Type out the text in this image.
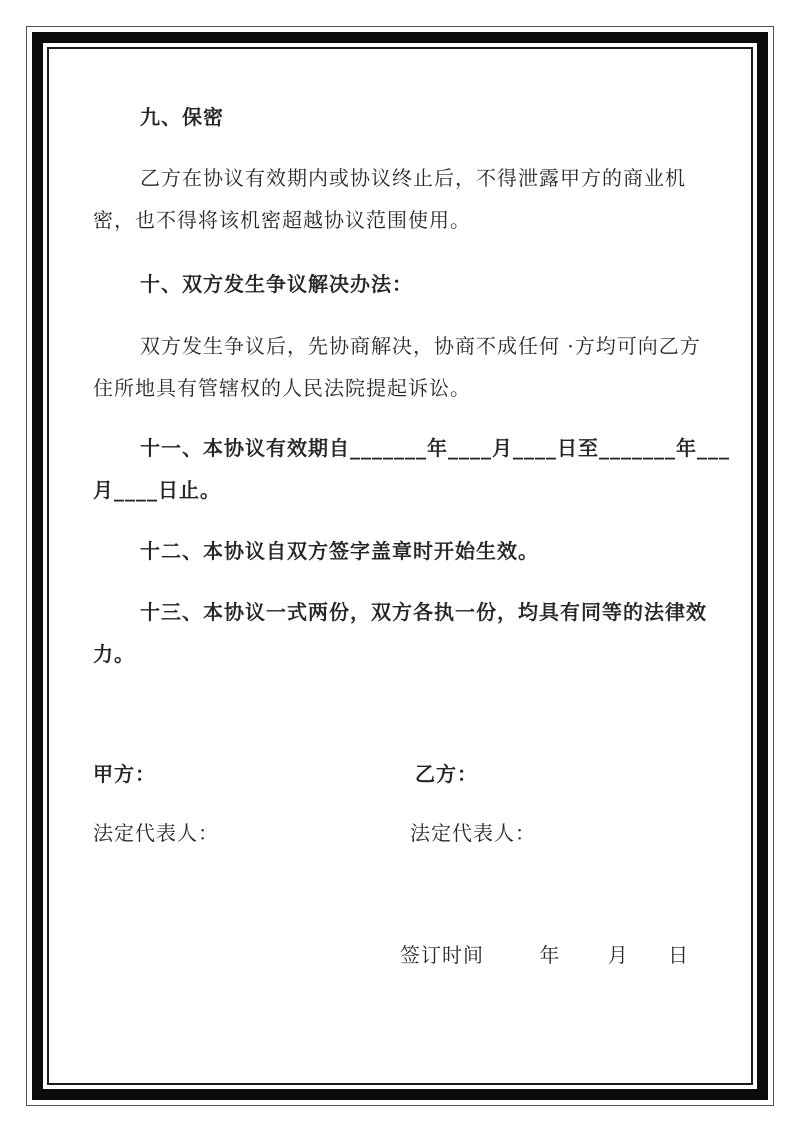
九、保密
乙方在协议有效期内或协议终止后，不得泄露甲方的商业机
密，也不得将该机密超越协议范围使用。
十、双方发生争议解决办法：
双方发生争议后，先协商解决，协商不成任何 ·方均可向乙方
住所地具有管辖权的人民法院提起诉讼。
十一、本协议有效期自_______年____月____日至_______年___
月____日止。
十二、本协议自双方签字盖章时开始生效。
十三、本协议一式两份，双方各执一份，均具有同等的法律效
力。
甲方：	乙方：
法定代表人：	法定代表人：
签订时间	年 月 日
